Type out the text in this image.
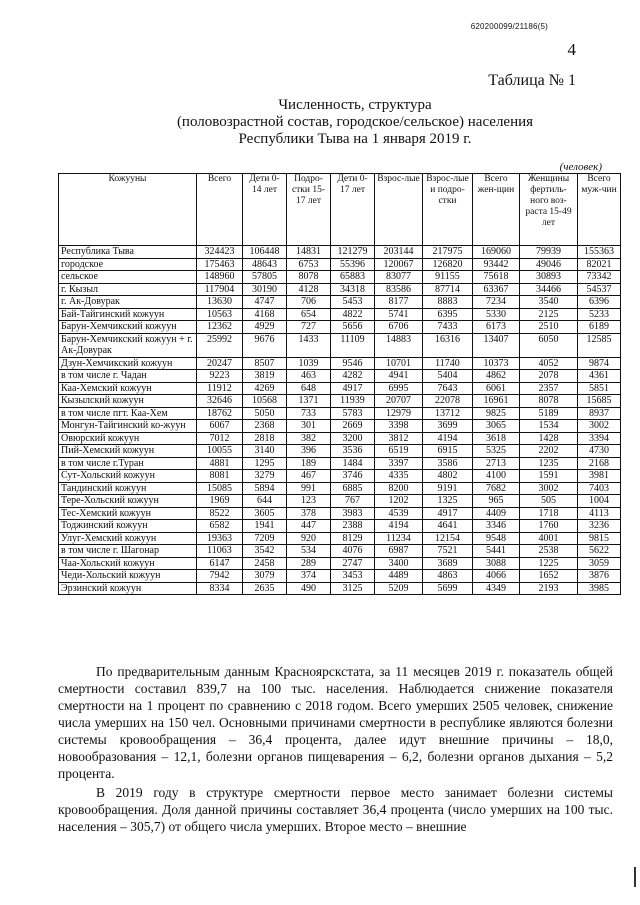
620200099/21186(5)
4
Таблица № 1
Численность, структура
(половозрастной состав, городское/сельское) населения
Республики Тыва на 1 января 2019 г.
(человек)
Кожууны	Всего	Дети 0-14 лет	Подро-стки 15-17 лет	Дети 0-17 лет	Взрос-лые	Взрос-лые и подро-стки	Всего жен-щин	Женщины фертиль-ного воз-раста 15-49 лет	Всего муж-чин
Республика Тыва	324423	106448	14831	121279	203144	217975	169060	79939	155363
городское	175463	48643	6753	55396	120067	126820	93442	49046	82021
сельское	148960	57805	8078	65883	83077	91155	75618	30893	73342
г. Кызыл	117904	30190	4128	34318	83586	87714	63367	34466	54537
г. Ак-Довурак	13630	4747	706	5453	8177	8883	7234	3540	6396
Бай-Тайгинский кожуун	10563	4168	654	4822	5741	6395	5330	2125	5233
Барун-Хемчикский кожуун	12362	4929	727	5656	6706	7433	6173	2510	6189
Барун-Хемчикский кожуун + г. Ак-Довурак	25992	9676	1433	11109	14883	16316	13407	6050	12585
Дзун-Хемчикский кожуун	20247	8507	1039	9546	10701	11740	10373	4052	9874
в том числе г. Чадан	9223	3819	463	4282	4941	5404	4862	2078	4361
Каа-Хемский кожуун	11912	4269	648	4917	6995	7643	6061	2357	5851
Кызылский кожуун	32646	10568	1371	11939	20707	22078	16961	8078	15685
в том числе пгт. Каа-Хем	18762	5050	733	5783	12979	13712	9825	5189	8937
Монгун-Тайгинский ко-жуун	6067	2368	301	2669	3398	3699	3065	1534	3002
Овюрский кожуун	7012	2818	382	3200	3812	4194	3618	1428	3394
Пий-Хемский кожуун	10055	3140	396	3536	6519	6915	5325	2202	4730
в том числе г.Туран	4881	1295	189	1484	3397	3586	2713	1235	2168
Сут-Хольский кожуун	8081	3279	467	3746	4335	4802	4100	1591	3981
Тандинский кожуун	15085	5894	991	6885	8200	9191	7682	3002	7403
Тере-Хольский кожуун	1969	644	123	767	1202	1325	965	505	1004
Тес-Хемский кожуун	8522	3605	378	3983	4539	4917	4409	1718	4113
Тоджинский кожуун	6582	1941	447	2388	4194	4641	3346	1760	3236
Улуг-Хемский кожуун	19363	7209	920	8129	11234	12154	9548	4001	9815
в том числе г. Шагонар	11063	3542	534	4076	6987	7521	5441	2538	5622
Чаа-Хольский кожуун	6147	2458	289	2747	3400	3689	3088	1225	3059
Чеди-Хольский кожуун	7942	3079	374	3453	4489	4863	4066	1652	3876
Эрзинский кожуун	8334	2635	490	3125	5209	5699	4349	2193	3985

По предварительным данным Красноярскстата, за 11 месяцев 2019 г. показатель общей смертности составил 839,7 на 100 тыс. населения. Наблюдается снижение показателя смертности на 1 процент по сравнению с 2018 годом. Всего умерших 2505 человек, снижение числа умерших на 150 чел. Основными причинами смертности в республике являются болезни системы кровообращения – 36,4 процента, далее идут внешние причины – 18,0, новообразования – 12,1, болезни органов пищеварения – 6,2, болезни органов дыхания – 5,2 процента.

В 2019 году в структуре смертности первое место занимает болезни системы кровообращения. Доля данной причины составляет 36,4 процента (число умерших на 100 тыс. населения – 305,7) от общего числа умерших. Второе место – внешние
